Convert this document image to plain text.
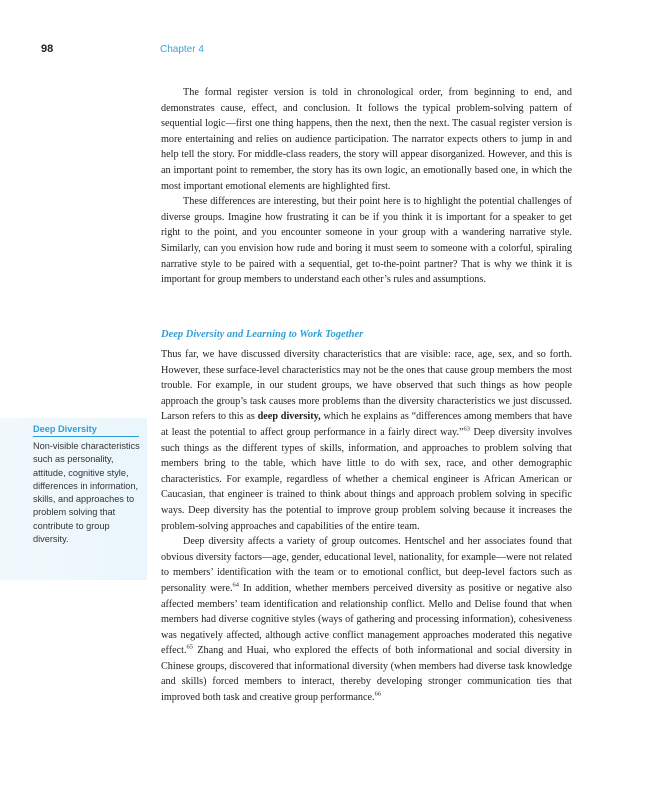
98	Chapter 4

The formal register version is told in chronological order, from beginning to end, and demonstrates cause, effect, and conclusion. It follows the typical problem-solving pattern of sequential logic—first one thing happens, then the next, then the next. The casual register version is more entertaining and relies on audience participation. The narrator expects others to jump in and help tell the story. For middle-class readers, the story will appear disorganized. However, and this is an important point to remember, the story has its own logic, an emotionally based one, in which the most important emotional elements are highlighted first.

These differences are interesting, but their point here is to highlight the potential challenges of diverse groups. Imagine how frustrating it can be if you think it is important for a speaker to get right to the point, and you encounter someone in your group with a wandering narrative style. Similarly, can you envision how rude and boring it must seem to someone with a colorful, spiraling narrative style to be paired with a sequential, get to-the-point partner? That is why we think it is important for group members to understand each other’s rules and assumptions.

Deep Diversity and Learning to Work Together
Deep Diversity
Non-visible characteristics such as personality, attitude, cognitive style, differences in information, skills, and approaches to problem solving that contribute to group diversity.

Thus far, we have discussed diversity characteristics that are visible: race, age, sex, and so forth. However, these surface-level characteristics may not be the ones that cause group members the most trouble. For example, in our student groups, we have observed that such things as how people approach the group’s task causes more problems than the diversity characteristics we just discussed. Larson refers to this as deep diversity, which he explains as “differences among members that have at least the potential to affect group performance in a fairly direct way.”$^{63}$ Deep diversity involves such things as the different types of skills, information, and approaches to problem solving that members bring to the table, which have little to do with sex, race, and other demographic characteristics. For example, regardless of whether a chemical engineer is African American or Caucasian, that engineer is trained to think about things and approach problem solving in specific ways. Deep diversity has the potential to improve group problem solving because it increases the problem-solving approaches and capabilities of the entire team.

Deep diversity affects a variety of group outcomes. Hentschel and her associates found that obvious diversity factors—age, gender, educational level, nationality, for example—were not related to members’ identification with the team or to emotional conflict, but deep-level factors such as personality were.$^{64}$ In addition, whether members perceived diversity as positive or negative also affected members’ team identification and relationship conflict. Mello and Delise found that when members had diverse cognitive styles (ways of gathering and processing information), cohesiveness was negatively affected, although active conflict management approaches moderated this negative effect.$^{65}$ Zhang and Huai, who explored the effects of both informational and social diversity in Chinese groups, discovered that informational diversity (when members had diverse task knowledge and skills) forced members to interact, thereby developing stronger communication ties that improved both task and creative group performance.$^{66}$
